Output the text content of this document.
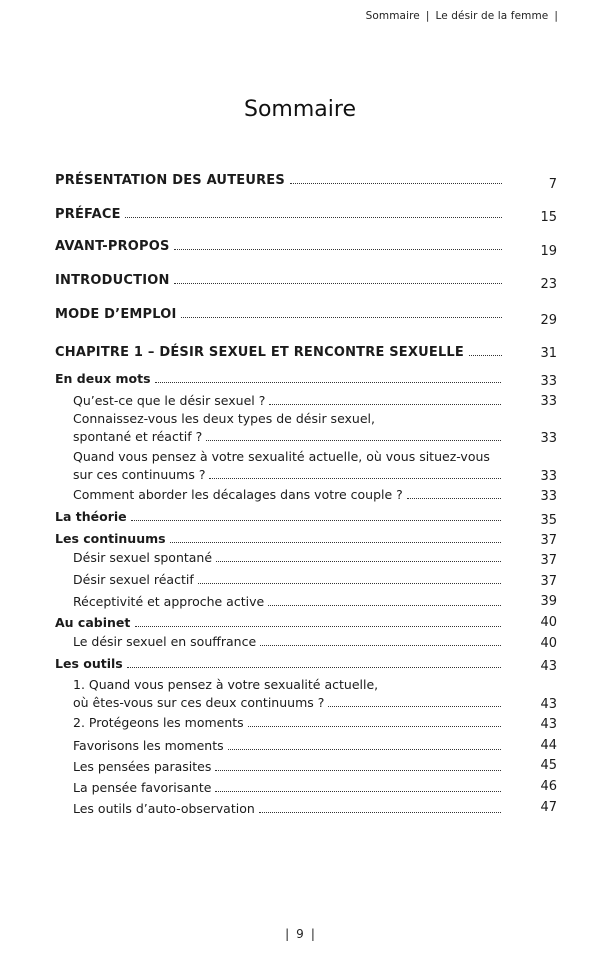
Sommaire | Le désir de la femme |
Sommaire
PRÉSENTATION DES AUTEURES	7
PRÉFACE	15
AVANT-PROPOS	19
INTRODUCTION	23
MODE D’EMPLOI	29
CHAPITRE 1 – DÉSIR SEXUEL ET RENCONTRE SEXUELLE	31
En deux mots	33
Qu’est-ce que le désir sexuel ?	33
Connaissez-vous les deux types de désir sexuel,
spontané et réactif ?	33
Quand vous pensez à votre sexualité actuelle, où vous situez-vous
sur ces continuums ?	33
Comment aborder les décalages dans votre couple ?	33
La théorie	35
Les continuums	37
Désir sexuel spontané	37
Désir sexuel réactif	37
Réceptivité et approche active	39
Au cabinet	40
Le désir sexuel en souffrance	40
Les outils	43
1. Quand vous pensez à votre sexualité actuelle,
où êtes-vous sur ces deux continuums ?	43
2. Protégeons les moments	43
Favorisons les moments	44
Les pensées parasites	45
La pensée favorisante	46
Les outils d’auto-observation	47
| 9 |
